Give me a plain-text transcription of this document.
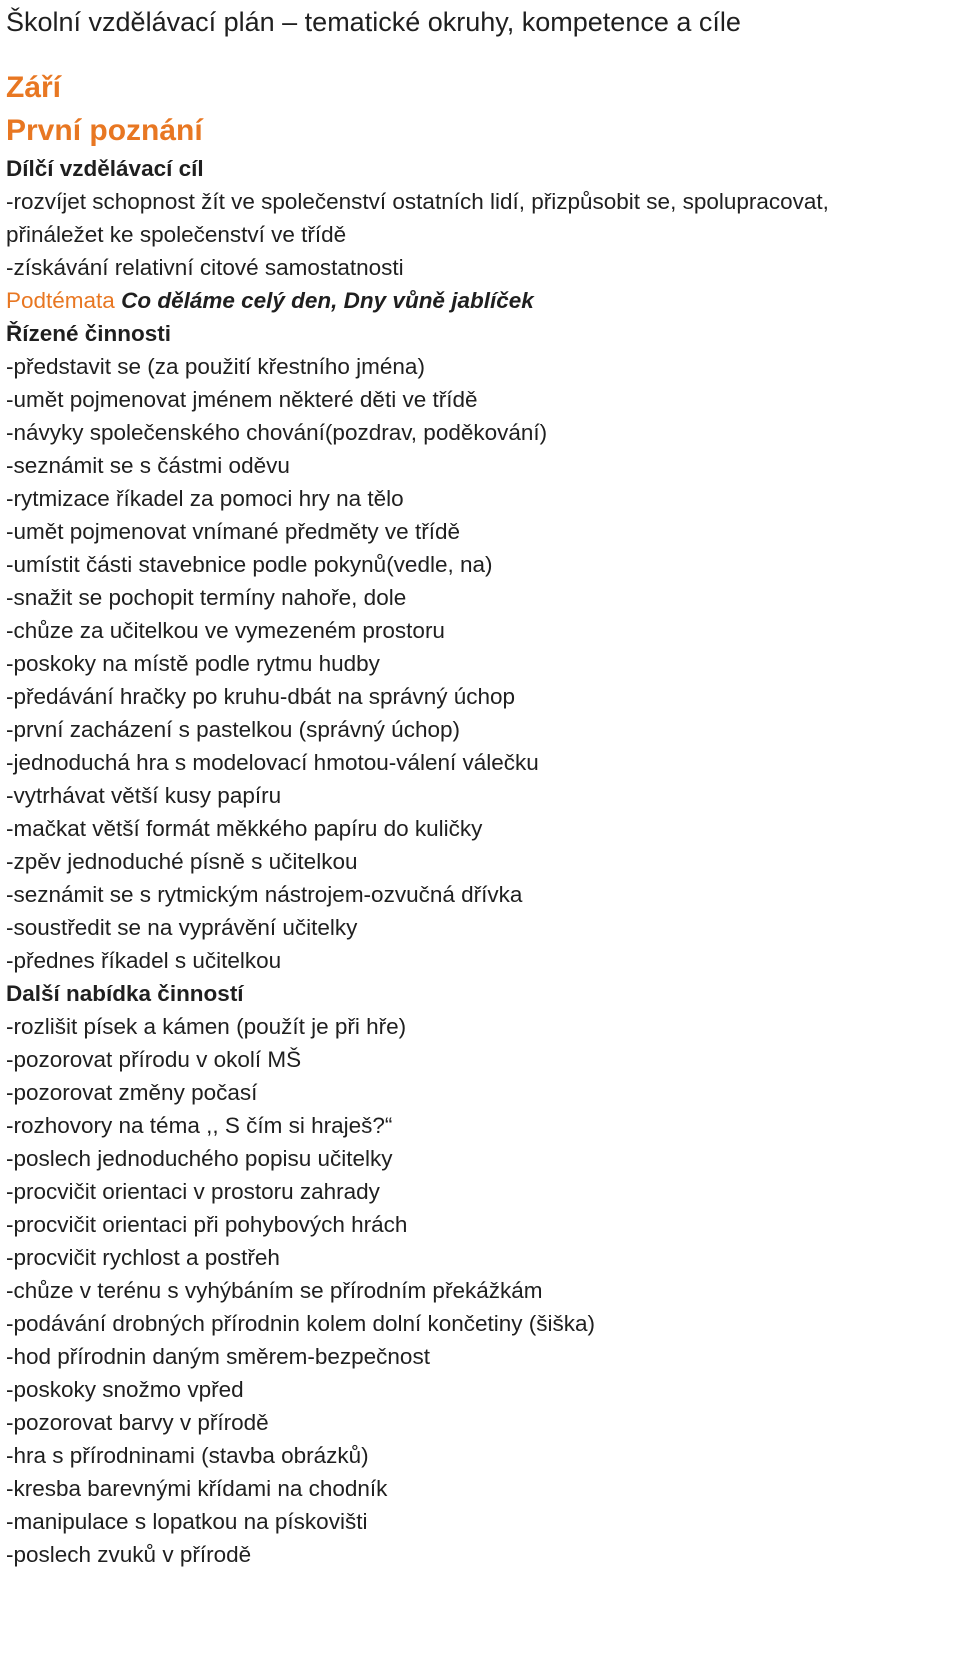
Školní vzdělávací plán – tematické okruhy, kompetence a cíle
Září
První poznání
Dílčí vzdělávací cíl

-rozvíjet schopnost žít ve společenství ostatních lidí, přizpůsobit se, spolupracovat,

přináležet ke společenství ve třídě

-získávání relativní citové samostatnosti

Podtémata Co děláme celý den, Dny vůně jablíček

Řízené činnosti
-představit se (za použití křestního jména)
-umět pojmenovat jménem některé děti ve třídě
-návyky společenského chování(pozdrav, poděkování)
-seznámit se s částmi oděvu
-rytmizace říkadel za pomoci hry na tělo
-umět pojmenovat vnímané předměty ve třídě
-umístit části stavebnice podle pokynů(vedle, na)
-snažit se pochopit termíny nahoře, dole
-chůze za učitelkou ve vymezeném prostoru
-poskoky na místě podle rytmu hudby
-předávání hračky po kruhu-dbát na správný úchop
-první zacházení s pastelkou (správný úchop)
-jednoduchá hra s modelovací hmotou-válení válečku
-vytrhávat větší kusy papíru
-mačkat větší formát měkkého papíru do kuličky
-zpěv jednoduché písně s učitelkou
-seznámit se s rytmickým nástrojem-ozvučná dřívka
-soustředit se na vyprávění učitelky
-přednes říkadel s učitelkou
Další nabídka činností
-rozlišit písek a kámen (použít je při hře)
-pozorovat přírodu v okolí MŠ
-pozorovat změny počasí
-rozhovory na téma ,, S čím si hraješ?“
-poslech jednoduchého popisu učitelky
-procvičit orientaci v prostoru zahrady
-procvičit orientaci při pohybových hrách
-procvičit rychlost a postřeh
-chůze v terénu s vyhýbáním se přírodním překážkám
-podávání drobných přírodnin kolem dolní končetiny (šiška)
-hod přírodnin daným směrem-bezpečnost
-poskoky snožmo vpřed
-pozorovat barvy v přírodě
-hra s přírodninami (stavba obrázků)
-kresba barevnými křídami na chodník
-manipulace s lopatkou na pískovišti
-poslech zvuků v přírodě
